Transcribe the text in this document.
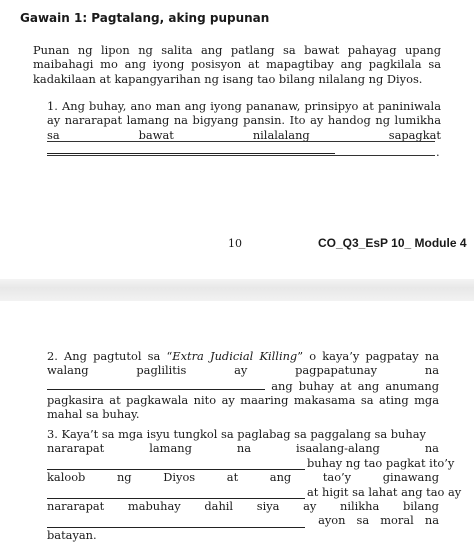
Gawain 1: Pagtalang, aking pupunan

Punan ng lipon ng salita ang patlang sa bawat pahayag upang maibahagi mo ang iyong posisyon at mapagtibay ang pagkilala sa kadakilaan at kapangyarihan ng isang tao bilang nilalang ng Diyos.

1. Ang buhay, ano man ang iyong pananaw, prinsipyo at paniniwala ay nararapat lamang na bigyang pansin. Ito ay handog ng lumikha sa bawat nilalalang sapagkat

.
10	CO_Q3_EsP 10_ Module 4

2. Ang pagtutol sa “Extra Judicial Killing” o kaya’y pagpatay na walang paglilitis ay pagpapatunay na  ang buhay at ang anumang pagkasira at pagkawala nito ay maaring makasama sa ating mga mahal sa buhay.

3. Kaya’t sa mga isyu tungkol sa paglabag sa paggalang sa buhay
nararapat	lamang	na	isaalang-alang	na
buhay ng tao pagkat ito’y
kaloob	ng	Diyos	at	ang	tao’y	ginawang
at higit sa lahat ang tao ay
nararapat mabuhay dahil siya ay nilikha bilang
ayon sa moral na
batayan.
